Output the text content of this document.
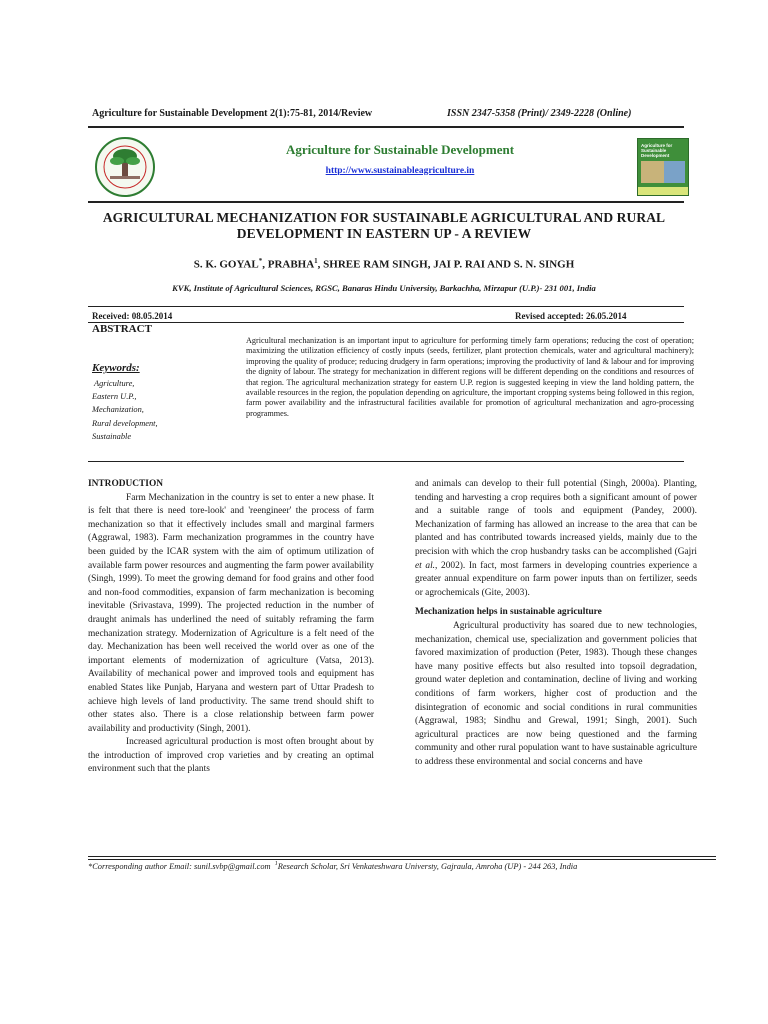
Agriculture for Sustainable Development 2(1):75-81, 2014/Review	ISSN 2347-5358 (Print)/ 2349-2228 (Online)
Agriculture for Sustainable Development
http://www.sustainableagriculture.in
Agriculture for Sustainable Development
AGRICULTURAL MECHANIZATION FOR SUSTAINABLE AGRICULTURAL AND RURAL DEVELOPMENT IN EASTERN UP - A REVIEW
S. K. GOYAL*, PRABHA$^1$, SHREE RAM SINGH, JAI P. RAI AND S. N. SINGH
KVK, Institute of Agricultural Sciences, RGSC, Banaras Hindu University, Barkachha, Mirzapur (U.P.)- 231 001, India
Received: 08.05.2014	Revised accepted: 26.05.2014
ABSTRACT
Keywords:
Agriculture,
Eastern U.P.,
Mechanization,
Rural development,
Sustainable
Agricultural mechanization is an important input to agriculture for performing timely farm operations; reducing the cost of operation; maximizing the utilization efficiency of costly inputs (seeds, fertilizer, plant protection chemicals, water and agricultural machinery); improving the quality of produce; reducing drudgery in farm operations; improving the productivity of land & labour and for improving the dignity of labour. The strategy for mechanization in different regions will be different depending on the conditions and resources of that region. The agricultural mechanization strategy for eastern U.P. region is suggested keeping in view the land holding pattern, the available resources in the region, the population depending on agriculture, the important cropping systems being followed in this region, farm power availability and the infrastructural facilities available for promotion of agricultural mechanization and agro-processing programmes.
INTRODUCTION

Farm Mechanization in the country is set to enter a new phase. It is felt that there is need tore-look' and 'reengineer' the process of farm mechanization so that it effectively includes small and marginal farmers (Aggrawal, 1983). Farm mechanization programmes in the country have been guided by the ICAR system with the aim of optimum utilization of available farm power resources and augmenting the farm power availability (Singh, 1999). To meet the growing demand for food grains and other food and non-food commodities, expansion of farm mechanization is becoming inevitable (Srivastava, 1999). The projected reduction in the number of draught animals has underlined the need of suitably reframing the farm mechanization strategy. Modernization of Agriculture is a felt need of the day. Mechanization has been well received the world over as one of the important elements of modernization of agriculture (Vatsa, 2013). Availability of mechanical power and improved tools and equipment has enabled States like Punjab, Haryana and western part of Uttar Pradesh to achieve high levels of land productivity. The same trend should shift to other states also. There is a close relationship between farm power availability and productivity (Singh, 2001).

Increased agricultural production is most often brought about by the introduction of improved crop varieties and by creating an optimal environment such that the plants

and animals can develop to their full potential (Singh, 2000a). Planting, tending and harvesting a crop requires both a significant amount of power and a suitable range of tools and equipment (Pandey, 2000). Mechanization of farming has allowed an increase to the area that can be planted and has contributed towards increased yields, mainly due to the precision with which the crop husbandry tasks can be accomplished (Gajri et al., 2002). In fact, most farmers in developing countries experience a greater annual expenditure on farm power inputs than on fertilizer, seeds or agrochemicals (Gite, 2003).

Mechanization helps in sustainable agriculture

Agricultural productivity has soared due to new technologies, mechanization, chemical use, specialization and government policies that favored maximization of production (Peter, 1983). Though these changes have many positive effects but also resulted into topsoil degradation, ground water depletion and contamination, decline of living and working conditions of farm workers, higher cost of production and the disintegration of economic and social conditions in rural communities (Aggrawal, 1983; Sindhu and Grewal, 1991; Singh, 2001). Such agricultural practices are now being questioned and the farming community and other rural population want to have sustainable agriculture to address these environmental and social concerns and have

*Corresponding author Email: sunil.svbp@gmail.com $^1$Research Scholar, Sri Venkateshwara Universty, Gajraula, Amroha (UP) - 244 263, India
